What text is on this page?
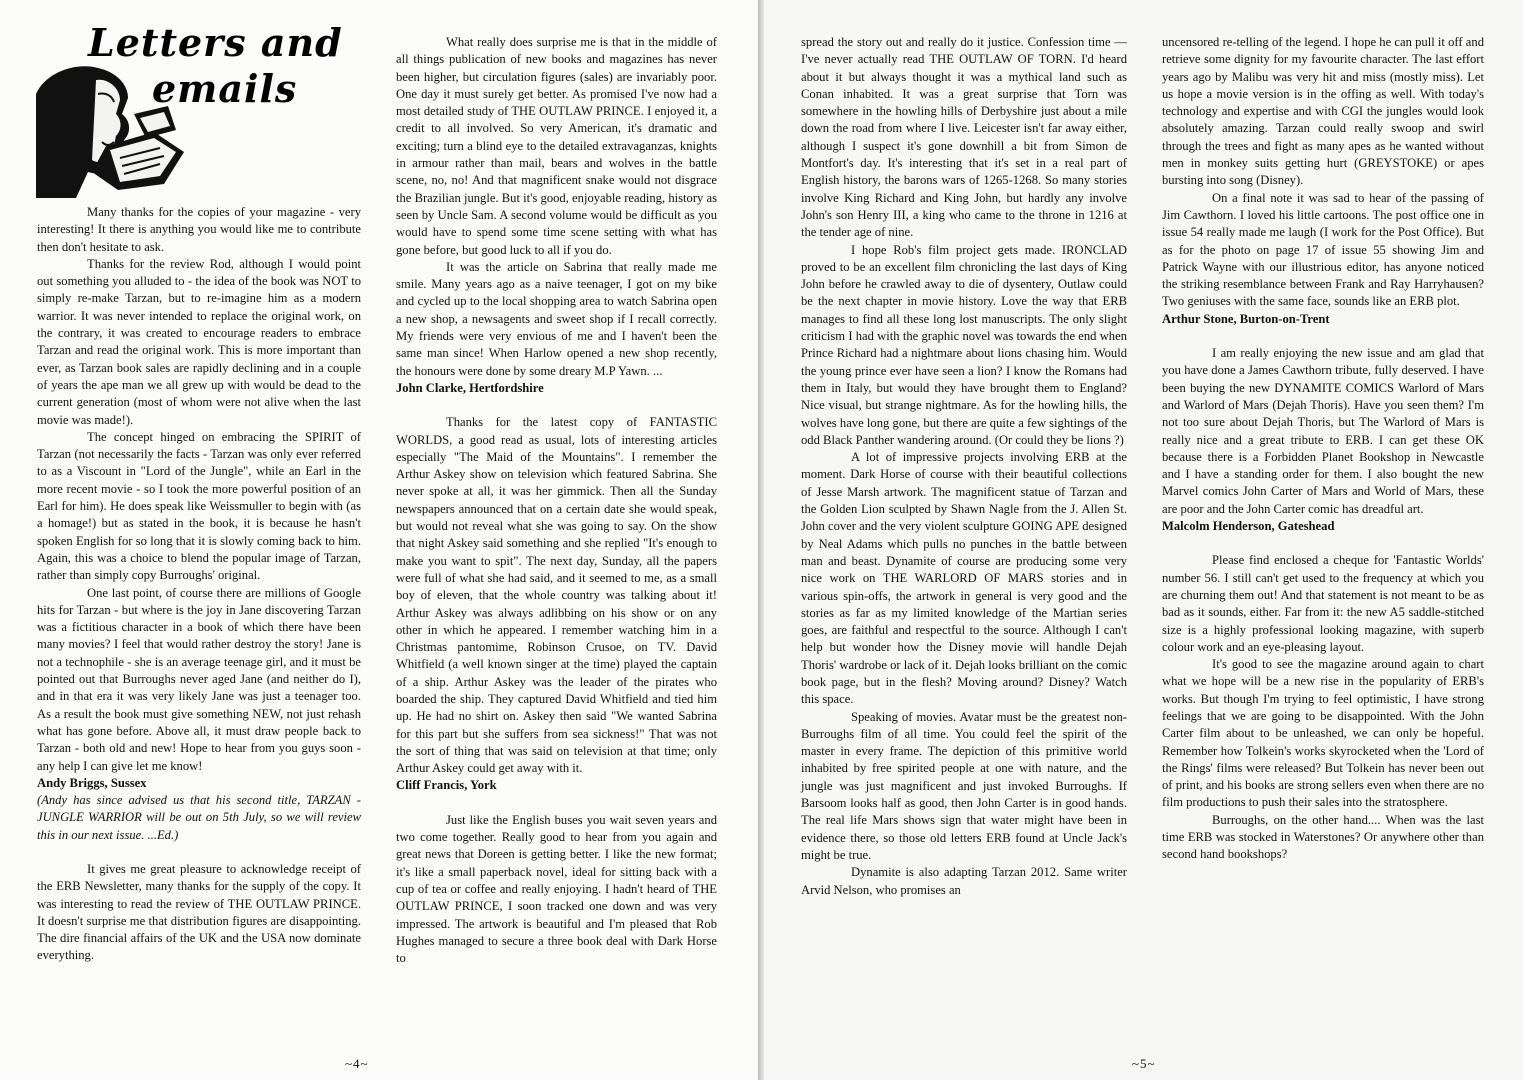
Letters and
emails

Many thanks for the copies of your magazine - very interesting! It there is anything you would like me to contribute then don't hesitate to ask.

Thanks for the review Rod, although I would point out something you alluded to - the idea of the book was NOT to simply re-make Tarzan, but to re-imagine him as a modern warrior. It was never intended to replace the original work, on the contrary, it was created to encourage readers to embrace Tarzan and read the original work. This is more important than ever, as Tarzan book sales are rapidly declining and in a couple of years the ape man we all grew up with would be dead to the current generation (most of whom were not alive when the last movie was made!).

The concept hinged on embracing the SPIRIT of Tarzan (not necessarily the facts - Tarzan was only ever referred to as a Viscount in "Lord of the Jungle", while an Earl in the more recent movie - so I took the more powerful position of an Earl for him). He does speak like Weissmuller to begin with (as a homage!) but as stated in the book, it is because he hasn't spoken English for so long that it is slowly coming back to him. Again, this was a choice to blend the popular image of Tarzan, rather than simply copy Burroughs' original.

One last point, of course there are millions of Google hits for Tarzan - but where is the joy in Jane discovering Tarzan was a fictitious character in a book of which there have been many movies? I feel that would rather destroy the story! Jane is not a technophile - she is an average teenage girl, and it must be pointed out that Burroughs never aged Jane (and neither do I), and in that era it was very likely Jane was just a teenager too. As a result the book must give something NEW, not just rehash what has gone before. Above all, it must draw people back to Tarzan - both old and new! Hope to hear from you guys soon - any help I can give let me know!

Andy Briggs, Sussex

(Andy has since advised us that his second title, TARZAN -JUNGLE WARRIOR will be out on 5th July, so we will review this in our next issue. ...Ed.)

It gives me great pleasure to acknowledge receipt of the ERB Newsletter, many thanks for the supply of the copy. It was interesting to read the review of THE OUTLAW PRINCE. It doesn't surprise me that distribution figures are disappointing. The dire financial affairs of the UK and the USA now dominate everything.

What really does surprise me is that in the middle of all things publication of new books and magazines has never been higher, but circulation figures (sales) are invariably poor. One day it must surely get better. As promised I've now had a most detailed study of THE OUTLAW PRINCE. I enjoyed it, a credit to all involved. So very American, it's dramatic and exciting; turn a blind eye to the detailed extravaganzas, knights in armour rather than mail, bears and wolves in the battle scene, no, no! And that magnificent snake would not disgrace the Brazilian jungle. But it's good, enjoyable reading, history as seen by Uncle Sam. A second volume would be difficult as you would have to spend some time scene setting with what has gone before, but good luck to all if you do.

It was the article on Sabrina that really made me smile. Many years ago as a naive teenager, I got on my bike and cycled up to the local shopping area to watch Sabrina open a new shop, a newsagents and sweet shop if I recall correctly. My friends were very envious of me and I haven't been the same man since! When Harlow opened a new shop recently, the honours were done by some dreary M.P Yawn. ...

John Clarke, Hertfordshire

Thanks for the latest copy of FANTASTIC WORLDS, a good read as usual, lots of interesting articles especially "The Maid of the Mountains". I remember the Arthur Askey show on television which featured Sabrina. She never spoke at all, it was her gimmick. Then all the Sunday newspapers announced that on a certain date she would speak, but would not reveal what she was going to say. On the show that night Askey said something and she replied "It's enough to make you want to spit". The next day, Sunday, all the papers were full of what she had said, and it seemed to me, as a small boy of eleven, that the whole country was talking about it! Arthur Askey was always adlibbing on his show or on any other in which he appeared. I remember watching him in a Christmas pantomime, Robinson Crusoe, on TV. David Whitfield (a well known singer at the time) played the captain of a ship. Arthur Askey was the leader of the pirates who boarded the ship. They captured David Whitfield and tied him up. He had no shirt on. Askey then said "We wanted Sabrina for this part but she suffers from sea sickness!" That was not the sort of thing that was said on television at that time; only Arthur Askey could get away with it.

Cliff Francis, York

Just like the English buses you wait seven years and two come together. Really good to hear from you again and great news that Doreen is getting better. I like the new format; it's like a small paperback novel, ideal for sitting back with a cup of tea or coffee and really enjoying. I hadn't heard of THE OUTLAW PRINCE, I soon tracked one down and was very impressed. The artwork is beautiful and I'm pleased that Rob Hughes managed to secure a three book deal with Dark Horse to

~4~

spread the story out and really do it justice. Confession time — I've never actually read THE OUTLAW OF TORN. I'd heard about it but always thought it was a mythical land such as Conan inhabited. It was a great surprise that Torn was somewhere in the howling hills of Derbyshire just about a mile down the road from where I live. Leicester isn't far away either, although I suspect it's gone downhill a bit from Simon de Montfort's day. It's interesting that it's set in a real part of English history, the barons wars of 1265-1268. So many stories involve King Richard and King John, but hardly any involve John's son Henry III, a king who came to the throne in 1216 at the tender age of nine.

I hope Rob's film project gets made. IRONCLAD proved to be an excellent film chronicling the last days of King John before he crawled away to die of dysentery, Outlaw could be the next chapter in movie history. Love the way that ERB manages to find all these long lost manuscripts. The only slight criticism I had with the graphic novel was towards the end when Prince Richard had a nightmare about lions chasing him. Would the young prince ever have seen a lion? I know the Romans had them in Italy, but would they have brought them to England? Nice visual, but strange nightmare. As for the howling hills, the wolves have long gone, but there are quite a few sightings of the odd Black Panther wandering around. (Or could they be lions ?)

A lot of impressive projects involving ERB at the moment. Dark Horse of course with their beautiful collections of Jesse Marsh artwork. The magnificent statue of Tarzan and the Golden Lion sculpted by Shawn Nagle from the J. Allen St. John cover and the very violent sculpture GOING APE designed by Neal Adams which pulls no punches in the battle between man and beast. Dynamite of course are producing some very nice work on THE WARLORD OF MARS stories and in various spin-offs, the artwork in general is very good and the stories as far as my limited knowledge of the Martian series goes, are faithful and respectful to the source. Although I can't help but wonder how the Disney movie will handle Dejah Thoris' wardrobe or lack of it. Dejah looks brilliant on the comic book page, but in the flesh? Moving around? Disney? Watch this space.

Speaking of movies. Avatar must be the greatest non-Burroughs film of all time. You could feel the spirit of the master in every frame. The depiction of this primitive world inhabited by free spirited people at one with nature, and the jungle was just magnificent and just invoked Burroughs. If Barsoom looks half as good, then John Carter is in good hands. The real life Mars shows sign that water might have been in evidence there, so those old letters ERB found at Uncle Jack's might be true.

Dynamite is also adapting Tarzan 2012. Same writer Arvid Nelson, who promises an

uncensored re-telling of the legend. I hope he can pull it off and retrieve some dignity for my favourite character. The last effort years ago by Malibu was very hit and miss (mostly miss). Let us hope a movie version is in the offing as well. With today's technology and expertise and with CGI the jungles would look absolutely amazing. Tarzan could really swoop and swirl through the trees and fight as many apes as he wanted without men in monkey suits getting hurt (GREYSTOKE) or apes bursting into song (Disney).

On a final note it was sad to hear of the passing of Jim Cawthorn. I loved his little cartoons. The post office one in issue 54 really made me laugh (I work for the Post Office). But as for the photo on page 17 of issue 55 showing Jim and Patrick Wayne with our illustrious editor, has anyone noticed the striking resemblance between Frank and Ray Harryhausen? Two geniuses with the same face, sounds like an ERB plot.

Arthur Stone, Burton-on-Trent

I am really enjoying the new issue and am glad that you have done a James Cawthorn tribute, fully deserved. I have been buying the new DYNAMITE COMICS Warlord of Mars and Warlord of Mars (Dejah Thoris). Have you seen them? I'm not too sure about Dejah Thoris, but The Warlord of Mars is really nice and a great tribute to ERB. I can get these OK because there is a Forbidden Planet Bookshop in Newcastle and I have a standing order for them. I also bought the new Marvel comics John Carter of Mars and World of Mars, these are poor and the John Carter comic has dreadful art.

Malcolm Henderson, Gateshead

Please find enclosed a cheque for 'Fantastic Worlds' number 56. I still can't get used to the frequency at which you are churning them out! And that statement is not meant to be as bad as it sounds, either. Far from it: the new A5 saddle-stitched size is a highly professional looking magazine, with superb colour work and an eye-pleasing layout.

It's good to see the magazine around again to chart what we hope will be a new rise in the popularity of ERB's works. But though I'm trying to feel optimistic, I have strong feelings that we are going to be disappointed. With the John Carter film about to be unleashed, we can only be hopeful. Remember how Tolkein's works skyrocketed when the 'Lord of the Rings' films were released? But Tolkein has never been out of print, and his books are strong sellers even when there are no film productions to push their sales into the stratosphere.

Burroughs, on the other hand.... When was the last time ERB was stocked in Waterstones? Or anywhere other than second hand bookshops?

~5~
